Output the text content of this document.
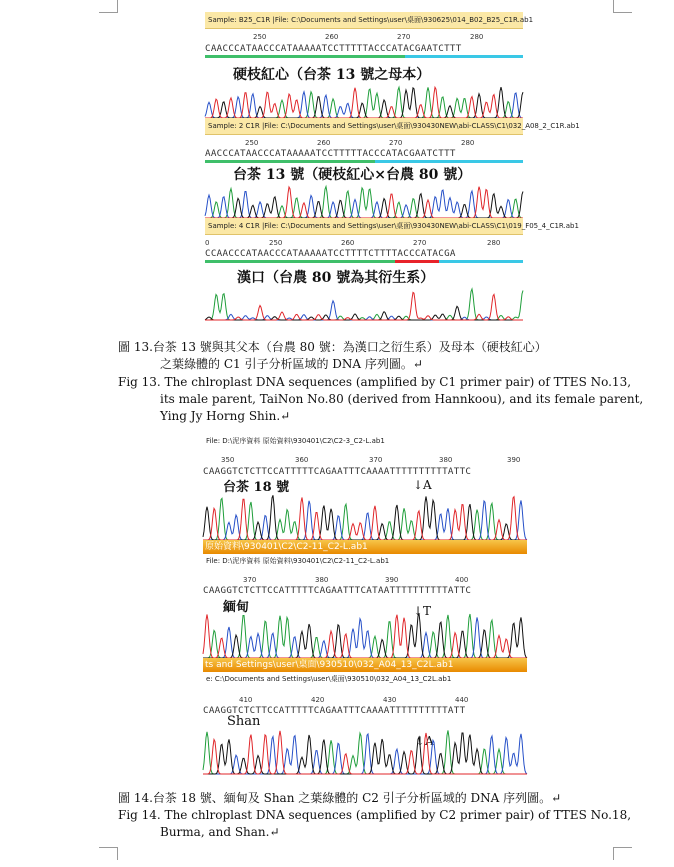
Sample: B25_C1R |File: C:\Documents and Settings\user\桌面\930625\014_B02_B25_C1R.ab1
250	260	270	280
CAACCCATAACCCATAAAAATCCTTTTTACCCATACGAATCTTT
硬枝紅心（台茶 13 號之母本）
Sample: 2 C1R |File: C:\Documents and Settings\user\桌面\930430NEW\abi-CLASS\C1\032_A08_2_C1R.ab1
250	260	270	280
AACCCATAACCCATAAAAATCCTTTTTACCCATACGAATCTTT
台茶 13 號（硬枝紅心×台農 80 號）
Sample: 4 C1R |File: C:\Documents and Settings\user\桌面\930430NEW\abi-CLASS\C1\019_F05_4_C1R.ab1
0	250	260	270	280
CCAACCCATAACCCATAAAAATCCTTTTCTTTTACCCATACGA
漢口（台農 80 號為其衍生系）
圖 13.台茶 13 號與其父本（台農 80 號：為漢口之衍生系）及母本（硬枝紅心）
之葉綠體的 C1 引子分析區域的 DNA 序列圖。↵
Fig 13. The chlroplast DNA sequences (amplified by C1 primer pair) of TTES No.13,
its male parent, TaiNon No.80 (derived from Hannkoou), and its female parent,
Ying Jy Horng Shin.↵
File: D:\泥序資料 原始資料\930401\C2\C2-3_C2-L.ab1
350	360	370	380	390
CAAGGTCTCTTCCATTTTTCAGAATTTCAAAATTTTTTTTTTATTC
台茶 18 號	↓A
原始資料\930401\C2\C2-11_C2-L.ab1
File: D:\泥序資料 原始資料\930401\C2\C2-11_C2-L.ab1
370	380	390	400
CAAGGTCTCTTCCATTTTTCAGAATTTCATAATTTTTTTTTTATTC
緬甸	↓T
ts and Settings\user\桌面\930510\032_A04_13_C2L.ab1
e: C:\Documents and Settings\user\桌面\930510\032_A04_13_C2L.ab1
410	420	430	440
CAAGGTCTCTTCCATTTTTCAGAATTTCAAAATTTTTTTTTTATT
Shan
↓A
圖 14.台茶 18 號、緬甸及 Shan 之葉綠體的 C2 引子分析區域的 DNA 序列圖。↵
Fig 14. The chlroplast DNA sequences (amplified by C2 primer pair) of TTES No.18,
Burma, and Shan.↵
